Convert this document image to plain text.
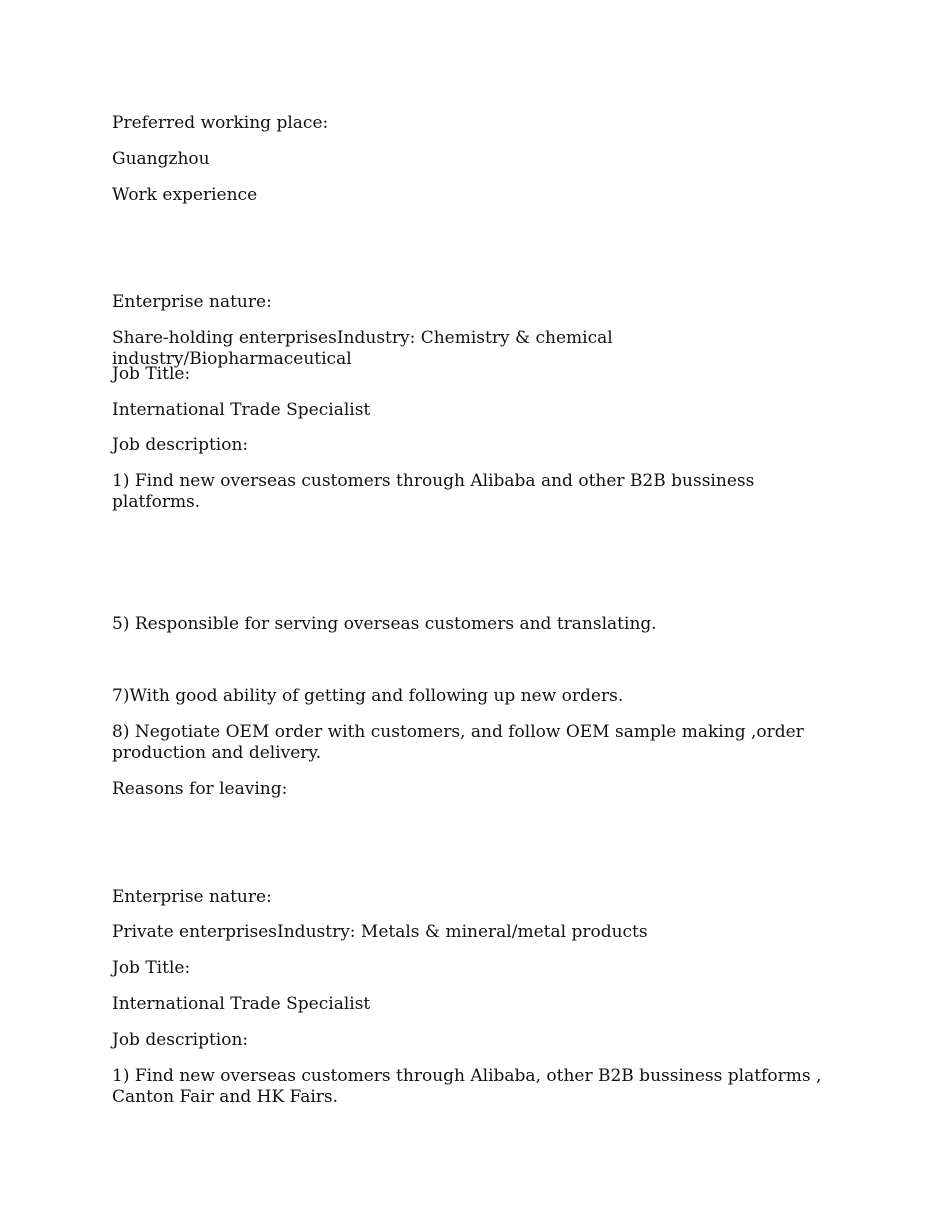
Preferred working place:
Guangzhou
Work experience
Enterprise nature:
Share-holding enterprisesIndustry: Chemistry & chemical industry/Biopharmaceutical
Job Title:
International Trade Specialist
Job description:
1) Find new overseas customers through Alibaba and other B2B bussiness platforms.
5) Responsible for serving overseas customers and translating.
7)With good ability of getting and following up new orders.
8) Negotiate OEM order with customers, and follow OEM sample making ,order production and delivery.
Reasons for leaving:
Enterprise nature:
Private enterprisesIndustry: Metals & mineral/metal products
Job Title:
International Trade Specialist
Job description:
1) Find new overseas customers through Alibaba, other B2B bussiness platforms , Canton Fair and HK Fairs.
